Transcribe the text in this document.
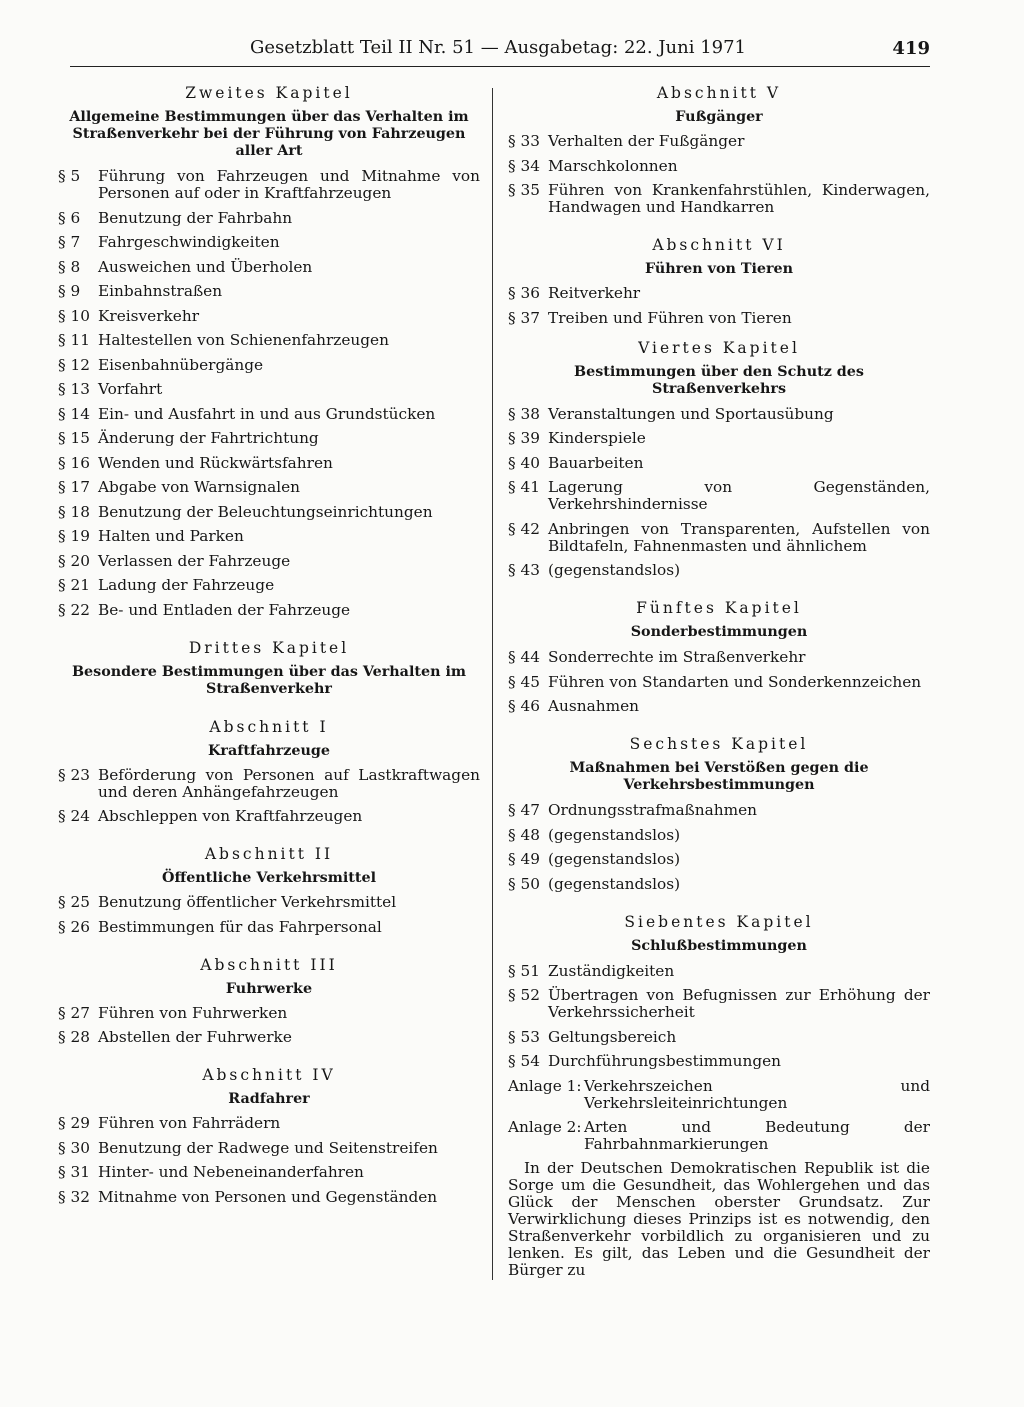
Gesetzblatt Teil II Nr. 51 — Ausgabetag: 22. Juni 1971	419
Zweites Kapitel
Allgemeine Bestimmungen über das Verhalten im Straßenverkehr bei der Führung von Fahrzeugen aller Art
§ 5	Führung von Fahrzeugen und Mitnahme von Personen auf oder in Kraftfahrzeugen
§ 6	Benutzung der Fahrbahn
§ 7	Fahrgeschwindigkeiten
§ 8	Ausweichen und Überholen
§ 9	Einbahnstraßen
§ 10 Kreisverkehr
§ 11 Haltestellen von Schienenfahrzeugen
§ 12 Eisenbahnübergänge
§ 13 Vorfahrt
§ 14 Ein- und Ausfahrt in und aus Grundstücken
§ 15 Änderung der Fahrtrichtung
§ 16 Wenden und Rückwärtsfahren
§ 17 Abgabe von Warnsignalen
§ 18 Benutzung der Beleuchtungseinrichtungen
§ 19 Halten und Parken
§ 20 Verlassen der Fahrzeuge
§ 21 Ladung der Fahrzeuge
§ 22 Be- und Entladen der Fahrzeuge
Drittes Kapitel
Besondere Bestimmungen über das Verhalten im Straßenverkehr
Abschnitt I
Kraftfahrzeuge
§ 23 Beförderung von Personen auf Lastkraftwagen und deren Anhängefahrzeugen
§ 24 Abschleppen von Kraftfahrzeugen
Abschnitt II
Öffentliche Verkehrsmittel
§ 25 Benutzung öffentlicher Verkehrsmittel
§ 26 Bestimmungen für das Fahrpersonal
Abschnitt III
Fuhrwerke
§ 27 Führen von Fuhrwerken
§ 28 Abstellen der Fuhrwerke
Abschnitt IV
Radfahrer
§ 29 Führen von Fahrrädern
§ 30 Benutzung der Radwege und Seitenstreifen
§ 31 Hinter- und Nebeneinanderfahren
§ 32 Mitnahme von Personen und Gegenständen
Abschnitt V
Fußgänger
§ 33 Verhalten der Fußgänger
§ 34 Marschkolonnen
§ 35 Führen von Krankenfahrstühlen, Kinderwagen, Handwagen und Handkarren
Abschnitt VI
Führen von Tieren
§ 36 Reitverkehr
§ 37 Treiben und Führen von Tieren
Viertes Kapitel
Bestimmungen über den Schutz des Straßenverkehrs
§ 38 Veranstaltungen und Sportausübung
§ 39 Kinderspiele
§ 40 Bauarbeiten
§ 41 Lagerung von Gegenständen, Verkehrshindernisse
§ 42 Anbringen von Transparenten, Aufstellen von Bildtafeln, Fahnenmasten und ähnlichem
§ 43 (gegenstandslos)
Fünftes Kapitel
Sonderbestimmungen
§ 44 Sonderrechte im Straßenverkehr
§ 45 Führen von Standarten und Sonderkennzeichen
§ 46 Ausnahmen
Sechstes Kapitel
Maßnahmen bei Verstößen gegen die Verkehrsbestimmungen
§ 47 Ordnungsstrafmaßnahmen
§ 48 (gegenstandslos)
§ 49 (gegenstandslos)
§ 50 (gegenstandslos)
Siebentes Kapitel
Schlußbestimmungen
§ 51 Zuständigkeiten
§ 52 Übertragen von Befugnissen zur Erhöhung der Verkehrssicherheit
§ 53 Geltungsbereich
§ 54 Durchführungsbestimmungen
Anlage 1: Verkehrszeichen und Verkehrsleiteinrichtungen
Anlage 2: Arten und Bedeutung der Fahrbahnmarkierungen

In der Deutschen Demokratischen Republik ist die Sorge um die Gesundheit, das Wohlergehen und das Glück der Menschen oberster Grundsatz. Zur Verwirklichung dieses Prinzips ist es notwendig, den Straßenverkehr vorbildlich zu organisieren und zu lenken. Es gilt, das Leben und die Gesundheit der Bürger zu
